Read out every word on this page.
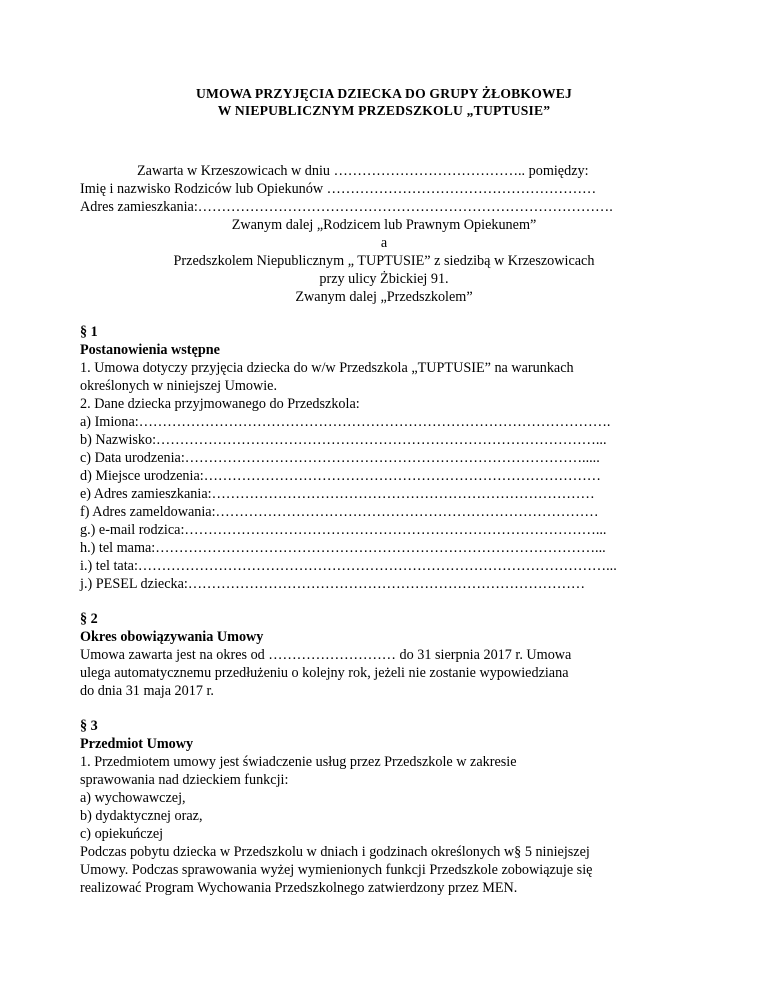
UMOWA PRZYJĘCIA DZIECKA DO GRUPY ŻŁOBKOWEJ
W NIEPUBLICZNYM PRZEDSZKOLU „TUPTUSIE”
Zawarta w Krzeszowicach w dniu ………………………………….. pomiędzy:
Imię i nazwisko Rodziców lub Opiekunów …………………………………………………
Adres zamieszkania:…………………………………………………………………………….
Zwanym dalej „Rodzicem lub Prawnym Opiekunem”
a
Przedszkolem Niepublicznym „ TUPTUSIE” z siedzibą w Krzeszowicach
przy ulicy Żbickiej 91.
Zwanym dalej „Przedszkolem”
§ 1
Postanowienia wstępne
1. Umowa dotyczy przyjęcia dziecka do w/w Przedszkola „TUPTUSIE” na warunkach
określonych w niniejszej Umowie.
2. Dane dziecka przyjmowanego do Przedszkola:
a) Imiona:……………………………………………………………………………………….
b) Nazwisko:…………………………………………………………………………………...
c) Data urodzenia:………………………………………………………………………….....
d) Miejsce urodzenia:…………………………………………………………………………
e) Adres zamieszkania:………………………………………………………………………
f) Adres zameldowania:………………………………………………………………………
g.) e-mail rodzica:……………………………………………………………………………...
h.) tel mama:…………………………………………………………………………………...
i.) tel tata:………………………………………………………………………………………...
j.) PESEL dziecka:…………………………………………………………………………
§ 2
Okres obowiązywania Umowy
Umowa zawarta jest na okres od ……………………… do 31 sierpnia 2017 r. Umowa
ulega automatycznemu przedłużeniu o kolejny rok, jeżeli nie zostanie wypowiedziana
do dnia 31 maja 2017 r.
§ 3
Przedmiot Umowy
1. Przedmiotem umowy jest świadczenie usług przez Przedszkole w zakresie
sprawowania nad dzieckiem funkcji:
a) wychowawczej,
b) dydaktycznej oraz,
c) opiekuńczej
Podczas pobytu dziecka w Przedszkolu w dniach i godzinach określonych w§ 5 niniejszej
Umowy. Podczas sprawowania wyżej wymienionych funkcji Przedszkole zobowiązuje się
realizować Program Wychowania Przedszkolnego zatwierdzony przez MEN.
